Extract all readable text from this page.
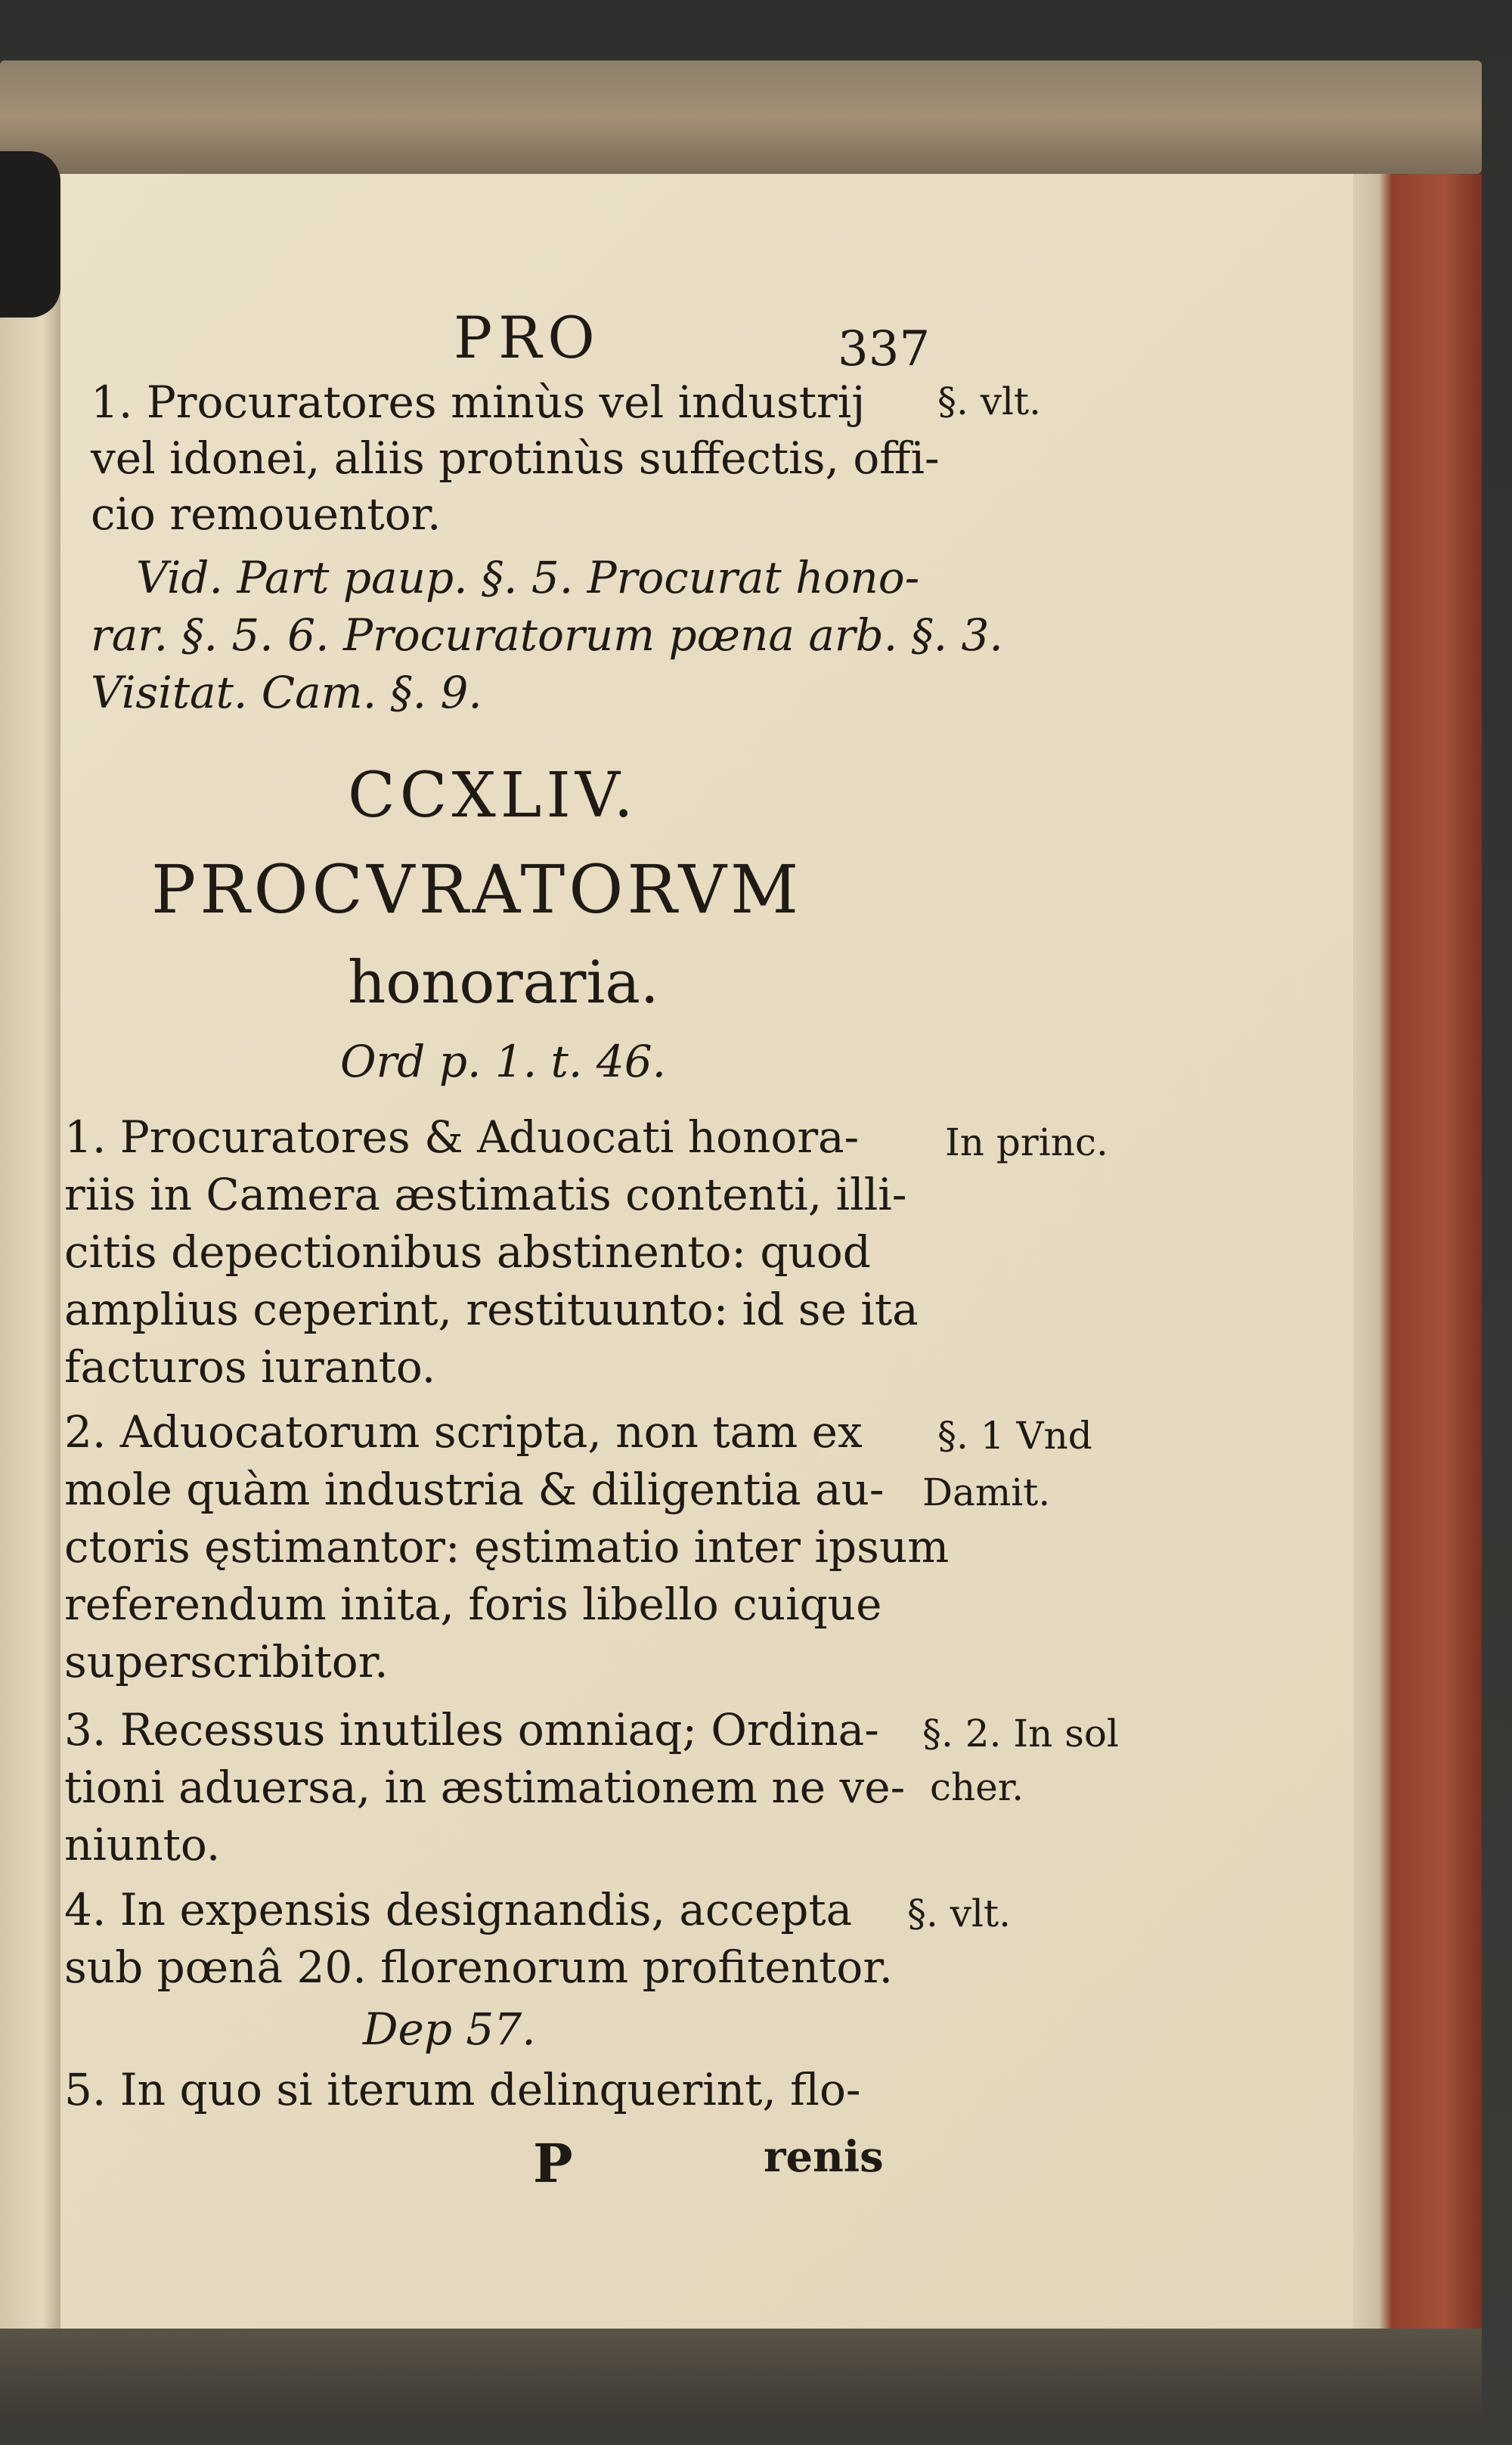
PRO	337
1. Procuratores minùs vel industrij §. vlt.
vel idonei, aliis protinùs suffectis, offi-
cio remouentor.
Vid. Part paup. §. 5. Procurat hono-
rar. §. 5. 6. Procuratorum pœna arb. §. 3.
Visitat. Cam. §. 9.
CCXLIV.
PROCVRATORVM
honoraria.
Ord p. 1. t. 46.
1. Procuratores & Aduocati honora- In princ.
riis in Camera æstimatis contenti, illi-
citis depectionibus abstinento: quod
amplius ceperint, restituunto: id se ita
facturos iuranto.
2. Aduocatorum scripta, non tam ex §. 1 Vnd
Damit.
mole quàm industria & diligentia au-
ctoris ęstimantor: ęstimatio inter ipsum
referendum inita, foris libello cuique
superscribitor.
3. Recessus inutiles omniaq; Ordina- §. 2. In sol
cher.
tioni aduersa, in æstimationem ne ve-
niunto.
4. In expensis designandis, accepta §. vlt.
sub pœnâ 20. florenorum profitentor.
Dep 57.
5. In quo si iterum delinquerint, flo-
P	renis
